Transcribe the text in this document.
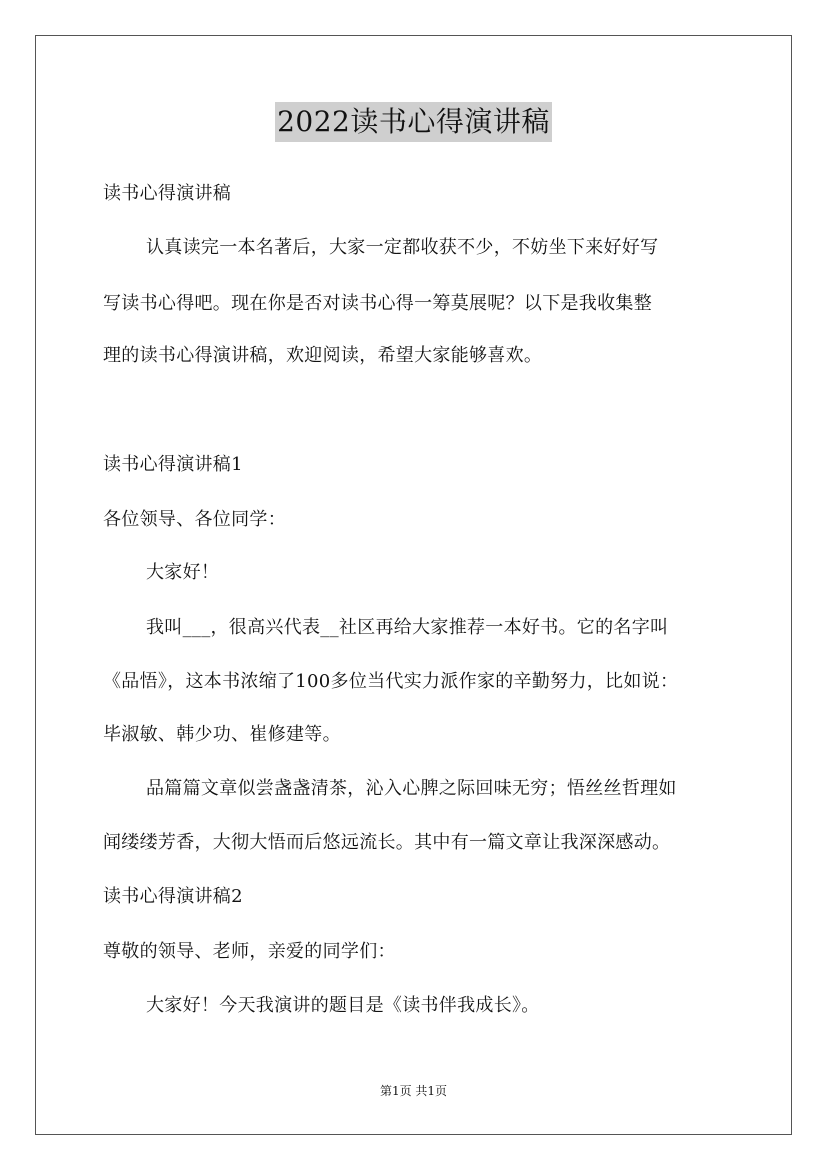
2022读书心得演讲稿
读书心得演讲稿
认真读完一本名著后，大家一定都收获不少，不妨坐下来好好写
写读书心得吧。现在你是否对读书心得一筹莫展呢？以下是我收集整
理的读书心得演讲稿，欢迎阅读，希望大家能够喜欢。
读书心得演讲稿1
各位领导、各位同学：
大家好！
我叫___，很高兴代表__社区再给大家推荐一本好书。它的名字叫
《品悟》，这本书浓缩了100多位当代实力派作家的辛勤努力，比如说：
毕淑敏、韩少功、崔修建等。
品篇篇文章似尝盏盏清茶，沁入心脾之际回味无穷；悟丝丝哲理如
闻缕缕芳香，大彻大悟而后悠远流长。其中有一篇文章让我深深感动。
读书心得演讲稿2
尊敬的领导、老师，亲爱的同学们：
大家好！今天我演讲的题目是《读书伴我成长》。
第1页 共1页
